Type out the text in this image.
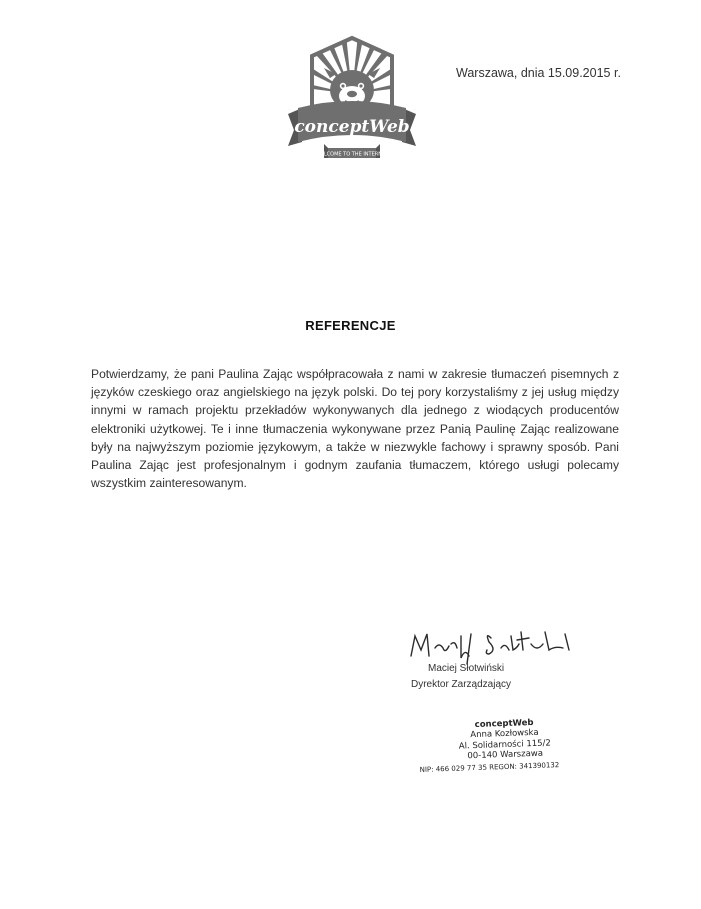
conceptWeb
WELCOME TO THE INTERNET
Warszawa, dnia 15.09.2015 r.
REFERENCJE
Potwierdzamy, że pani Paulina Zając współpracowała z nami w zakresie tłumaczeń pisemnych z języków czeskiego oraz angielskiego na język polski. Do tej pory korzystaliśmy z jej usług między innymi w ramach projektu przekładów wykonywanych dla jednego z wiodących producentów elektroniki użytkowej. Te i inne tłumaczenia wykonywane przez Panią Paulinę Zając realizowane były na najwyższym poziomie językowym, a także w niezwykle fachowy i sprawny sposób. Pani Paulina Zając jest profesjonalnym i godnym zaufania tłumaczem, którego usługi polecamy wszystkim zainteresowanym.
Maciej Słotwiński
Dyrektor Zarządzający
conceptWeb
Anna Kozłowska
Al. Solidarności 115/2
00-140 Warszawa
NIP: 466 029 77 35 REGON: 341390132
